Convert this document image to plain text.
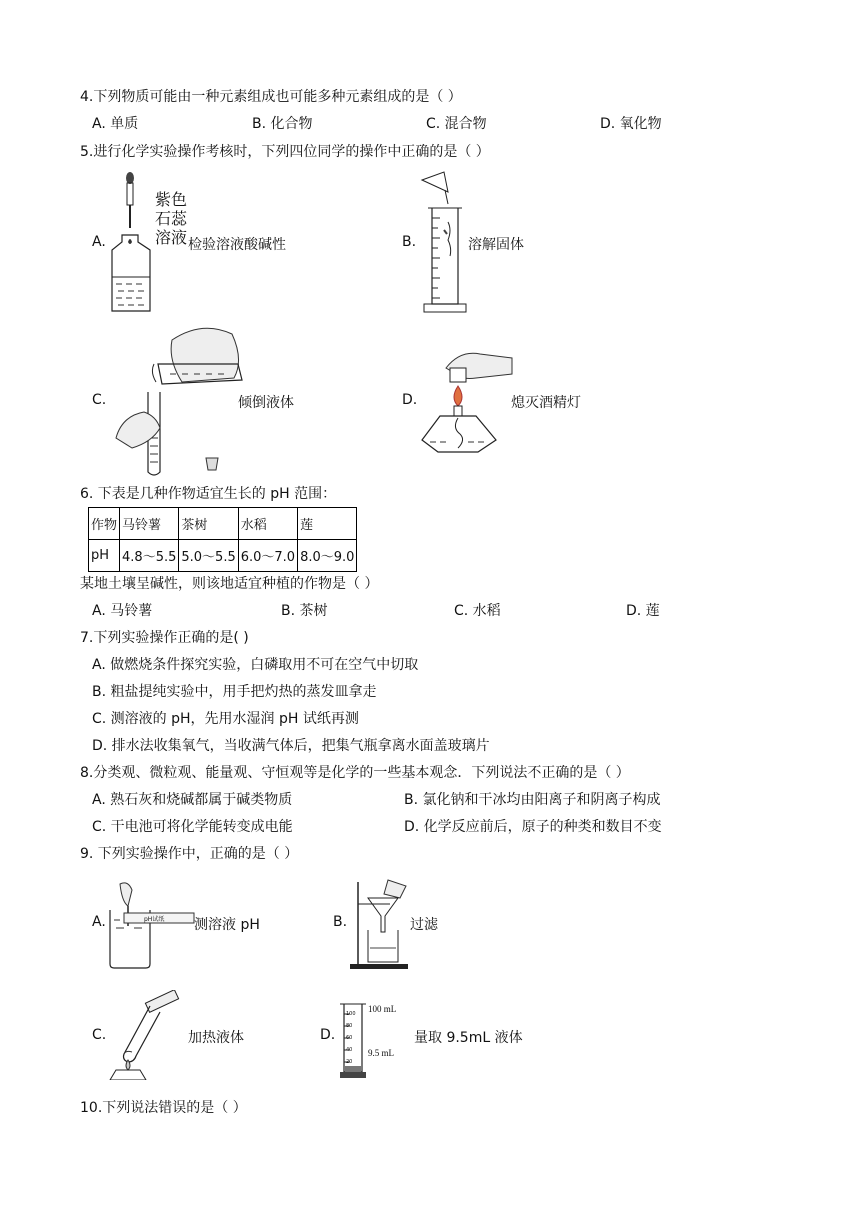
4.下列物质可能由一种元素组成也可能多种元素组成的是（ ）
A. 单质	B. 化合物	C. 混合物	D. 氧化物
5.进行化学实验操作考核时，下列四位同学的操作中正确的是（ ）
紫色
石蕊
溶液
A.	检验溶液酸碱性	B.	溶解固体
C.	倾倒液体	D.	熄灭酒精灯
6. 下表是几种作物适宜生长的 pH 范围：
作物	马铃薯	茶树	水稻	莲
pH	4.8～5.5	5.0～5.5	6.0～7.0	8.0～9.0
某地土壤呈碱性，则该地适宜种植的作物是（ ）
A. 马铃薯	B. 茶树	C. 水稻	D. 莲
7.下列实验操作正确的是( )
A. 做燃烧条件探究实验，白磷取用不可在空气中切取
B. 粗盐提纯实验中，用手把灼热的蒸发皿拿走
C. 测溶液的 pH，先用水湿润 pH 试纸再测
D. 排水法收集氧气，当收满气体后，把集气瓶拿离水面盖玻璃片
8.分类观、微粒观、能量观、守恒观等是化学的一些基本观念．下列说法不正确的是（ ）
A. 熟石灰和烧碱都属于碱类物质	B. 氯化钠和干冰均由阳离子和阴离子构成
C. 干电池可将化学能转变成电能	D. 化学反应前后，原子的种类和数目不变
9. 下列实验操作中，正确的是（ ）
pH试纸
A.	测溶液 pH	B.	过滤
C.	加热液体
100
80
60
40
20
100 mL
9.5 mL
D.	量取 9.5mL 液体
10.下列说法错误的是（ ）
